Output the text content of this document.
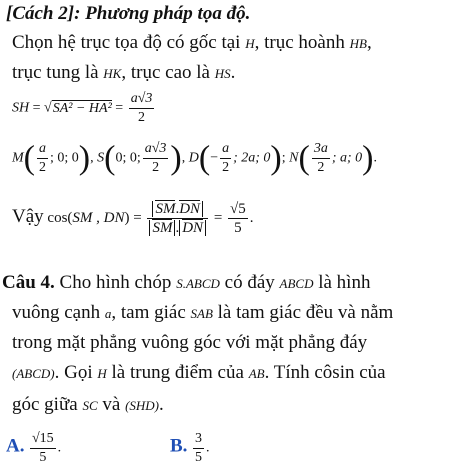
[Cách 2]: Phương pháp tọa độ.
Chọn hệ trục tọa độ có gốc tại H, trục hoành HB,
trục tung là HK, trục cao là HS.
SH = $√SA^2 - HA^2 = \frac{a√3}{2}$
$M( \frac{a}{2}$ ; 0; 0), S(0; 0; $\frac{a√3}{2}$ ), $D(- \frac{a}{2}$ ; 2a; 0); $N( \frac{3a}{2}$ ; a; 0).
Vậy cos(SM , $DN) = \frac{SM.DN}{SM . DN} = \frac{√5}{5}$ .
Câu 4. Cho hình chóp S.ABCD có đáy ABCD là hình
vuông cạnh a, tam giác SAB là tam giác đều và nằm
trong mặt phẳng vuông góc với mặt phẳng đáy
(ABCD). Gọi H là trung điểm của AB. Tính côsin của
góc giữa SC và (SHD).
A. $\frac{√15}{5}$ .	B. $\frac{3}{5}$ .
